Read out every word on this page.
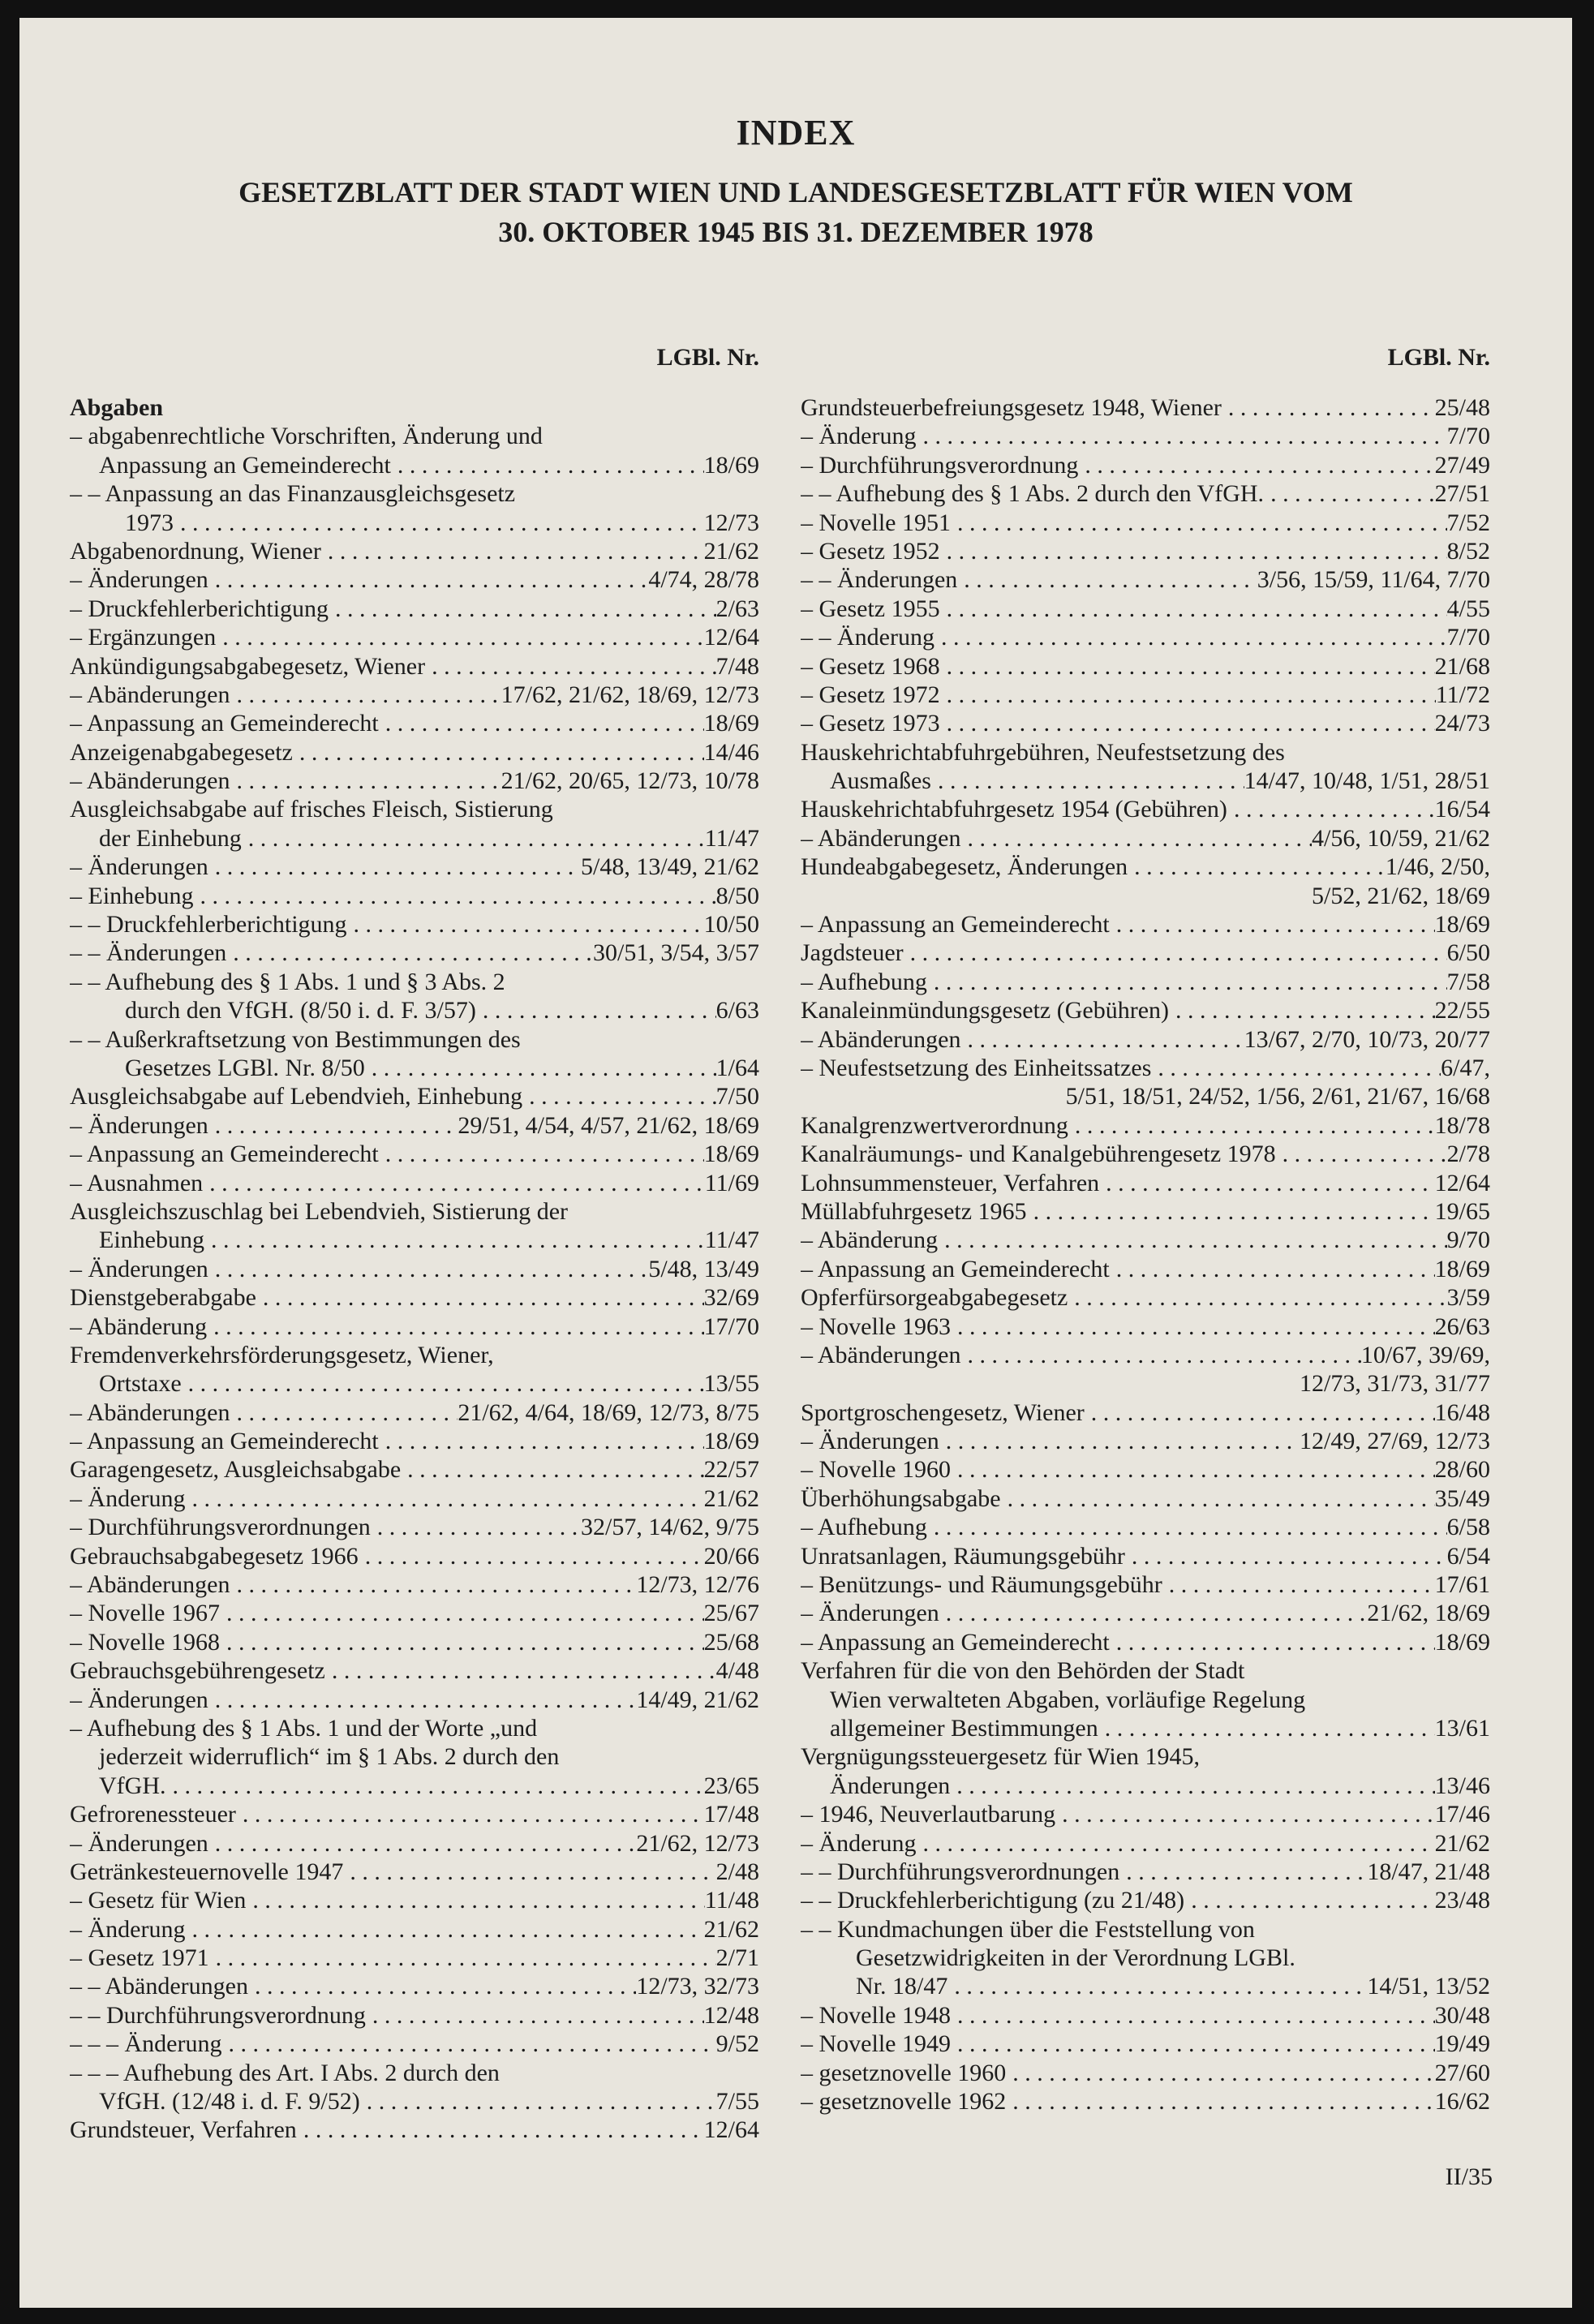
INDEX
GESETZBLATT DER STADT WIEN UND LANDESGESETZBLATT FÜR WIEN VOM
30. OKTOBER 1945 BIS 31. DEZEMBER 1978
LGBl. Nr.
Abgaben
– abgabenrechtliche Vorschriften, Änderung und
Anpassung an Gemeinderecht . . .	18/69
– – Anpassung an das Finanzausgleichsgesetz
1973 . . .	12/73
Abgabenordnung, Wiener . . .	21/62
– Änderungen . . .	4/74, 28/78
– Druckfehlerberichtigung . . .	2/63
– Ergänzungen . . .	12/64
Ankündigungsabgabegesetz, Wiener . . .	7/48
– Abänderungen . . .	17/62, 21/62, 18/69, 12/73
– Anpassung an Gemeinderecht . . .	18/69
Anzeigenabgabegesetz . . .	14/46
– Abänderungen . . .	21/62, 20/65, 12/73, 10/78
Ausgleichsabgabe auf frisches Fleisch, Sistierung
der Einhebung . . .	11/47
– Änderungen . . .	5/48, 13/49, 21/62
– Einhebung . . .	8/50
– – Druckfehlerberichtigung . . .	10/50
– – Änderungen . . .	30/51, 3/54, 3/57
– – Aufhebung des § 1 Abs. 1 und § 3 Abs. 2
durch den VfGH. (8/50 i. d. F. 3/57) . . .	6/63
– – Außerkraftsetzung von Bestimmungen des
Gesetzes LGBl. Nr. 8/50 . . .	1/64
Ausgleichsabgabe auf Lebendvieh, Einhebung . . .	7/50
– Änderungen . . .	29/51, 4/54, 4/57, 21/62, 18/69
– Anpassung an Gemeinderecht . . .	18/69
– Ausnahmen . . .	11/69
Ausgleichszuschlag bei Lebendvieh, Sistierung der
Einhebung . . .	11/47
– Änderungen . . .	5/48, 13/49
Dienstgeberabgabe . . .	32/69
– Abänderung . . .	17/70
Fremdenverkehrsförderungsgesetz, Wiener,
Ortstaxe . . .	13/55
– Abänderungen . . .	21/62, 4/64, 18/69, 12/73, 8/75
– Anpassung an Gemeinderecht . . .	18/69
Garagengesetz, Ausgleichsabgabe . . .	22/57
– Änderung . . .	21/62
– Durchführungsverordnungen . . .	32/57, 14/62, 9/75
Gebrauchsabgabegesetz 1966 . . .	20/66
– Abänderungen . . .	12/73, 12/76
– Novelle 1967 . . .	25/67
– Novelle 1968 . . .	25/68
Gebrauchsgebührengesetz . . .	4/48
– Änderungen . . .	14/49, 21/62
– Aufhebung des § 1 Abs. 1 und der Worte „und
jederzeit widerruflich“ im § 1 Abs. 2 durch den
VfGH. . . .	23/65
Gefrorenessteuer . . .	17/48
– Änderungen . . .	21/62, 12/73
Getränkesteuernovelle 1947 . . .	2/48
– Gesetz für Wien . . .	11/48
– Änderung . . .	21/62
– Gesetz 1971 . . .	2/71
– – Abänderungen . . .	12/73, 32/73
– – Durchführungsverordnung . . .	12/48
– – – Änderung . . .	9/52
– – – Aufhebung des Art. I Abs. 2 durch den
VfGH. (12/48 i. d. F. 9/52) . . .	7/55
Grundsteuer, Verfahren . . .	12/64
LGBl. Nr.
Grundsteuerbefreiungsgesetz 1948, Wiener . . .	25/48
– Änderung . . .	7/70
– Durchführungsverordnung . . .	27/49
– – Aufhebung des § 1 Abs. 2 durch den VfGH. . . .	27/51
– Novelle 1951 . . .	7/52
– Gesetz 1952 . . .	8/52
– – Änderungen . . .	3/56, 15/59, 11/64, 7/70
– Gesetz 1955 . . .	4/55
– – Änderung . . .	7/70
– Gesetz 1968 . . .	21/68
– Gesetz 1972 . . .	11/72
– Gesetz 1973 . . .	24/73
Hauskehrichtabfuhrgebühren, Neufestsetzung des
Ausmaßes . . .	14/47, 10/48, 1/51, 28/51
Hauskehrichtabfuhrgesetz 1954 (Gebühren) . . .	16/54
– Abänderungen . . .	4/56, 10/59, 21/62
Hundeabgabegesetz, Änderungen . . .	1/46, 2/50,
5/52, 21/62, 18/69
– Anpassung an Gemeinderecht . . .	18/69
Jagdsteuer . . .	6/50
– Aufhebung . . .	7/58
Kanaleinmündungsgesetz (Gebühren) . . .	22/55
– Abänderungen . . .	13/67, 2/70, 10/73, 20/77
– Neufestsetzung des Einheitssatzes . . .	6/47,
5/51, 18/51, 24/52, 1/56, 2/61, 21/67, 16/68
Kanalgrenzwertverordnung . . .	18/78
Kanalräumungs- und Kanalgebührengesetz 1978 . . .	2/78
Lohnsummensteuer, Verfahren . . .	12/64
Müllabfuhrgesetz 1965 . . .	19/65
– Abänderung . . .	9/70
– Anpassung an Gemeinderecht . . .	18/69
Opferfürsorgeabgabegesetz . . .	3/59
– Novelle 1963 . . .	26/63
– Abänderungen . . .	10/67, 39/69,
12/73, 31/73, 31/77
Sportgroschengesetz, Wiener . . .	16/48
– Änderungen . . .	12/49, 27/69, 12/73
– Novelle 1960 . . .	28/60
Überhöhungsabgabe . . .	35/49
– Aufhebung . . .	6/58
Unratsanlagen, Räumungsgebühr . . .	6/54
– Benützungs- und Räumungsgebühr . . .	17/61
– Änderungen . . .	21/62, 18/69
– Anpassung an Gemeinderecht . . .	18/69
Verfahren für die von den Behörden der Stadt
Wien verwalteten Abgaben, vorläufige Regelung
allgemeiner Bestimmungen . . .	13/61
Vergnügungssteuergesetz für Wien 1945,
Änderungen . . .	13/46
– 1946, Neuverlautbarung . . .	17/46
– Änderung . . .	21/62
– – Durchführungsverordnungen . . .	18/47, 21/48
– – Druckfehlerberichtigung (zu 21/48) . . .	23/48
– – Kundmachungen über die Feststellung von
Gesetzwidrigkeiten in der Verordnung LGBl.
Nr. 18/47 . . .	14/51, 13/52
– Novelle 1948 . . .	30/48
– Novelle 1949 . . .	19/49
– gesetznovelle 1960 . . .	27/60
– gesetznovelle 1962 . . .	16/62
II/35
